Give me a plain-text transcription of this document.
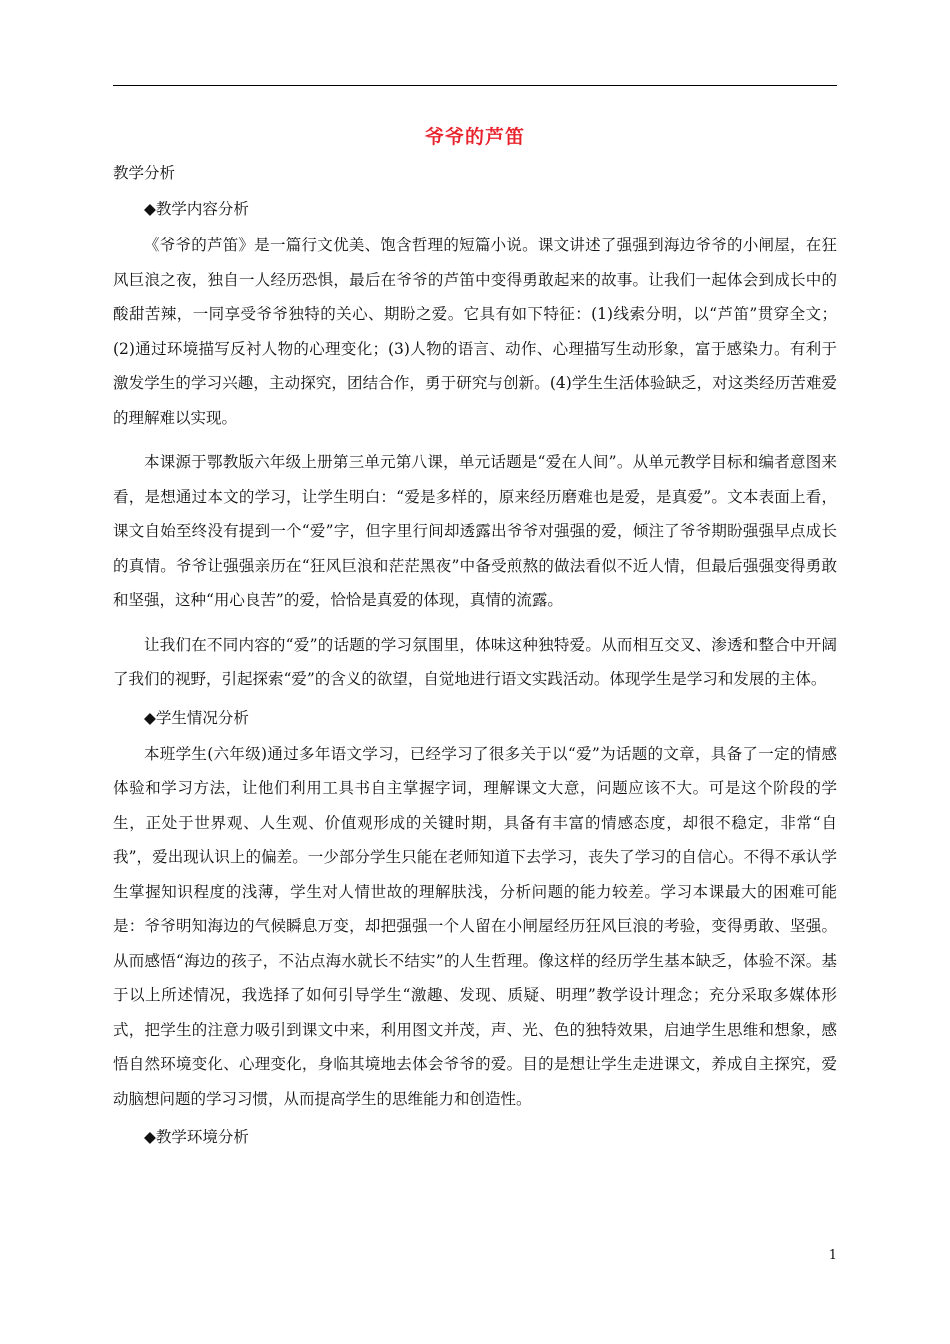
爷爷的芦笛

教学分析

◆教学内容分析

《爷爷的芦笛》是一篇行文优美、饱含哲理的短篇小说。课文讲述了强强到海边爷爷的小闸屋，在狂风巨浪之夜，独自一人经历恐惧，最后在爷爷的芦笛中变得勇敢起来的故事。让我们一起体会到成长中的酸甜苦辣，一同享受爷爷独特的关心、期盼之爱。它具有如下特征：(1)线索分明，以“芦笛”贯穿全文；(2)通过环境描写反衬人物的心理变化；(3)人物的语言、动作、心理描写生动形象，富于感染力。有利于激发学生的学习兴趣，主动探究，团结合作，勇于研究与创新。(4)学生生活体验缺乏，对这类经历苦难爱的理解难以实现。

本课源于鄂教版六年级上册第三单元第八课，单元话题是“爱在人间”。从单元教学目标和编者意图来看，是想通过本文的学习，让学生明白：“爱是多样的，原来经历磨难也是爱，是真爱”。文本表面上看，课文自始至终没有提到一个“爱”字，但字里行间却透露出爷爷对强强的爱，倾注了爷爷期盼强强早点成长的真情。爷爷让强强亲历在“狂风巨浪和茫茫黑夜”中备受煎熬的做法看似不近人情，但最后强强变得勇敢和坚强，这种“用心良苦”的爱，恰恰是真爱的体现，真情的流露。

让我们在不同内容的“爱”的话题的学习氛围里，体味这种独特爱。从而相互交叉、渗透和整合中开阔了我们的视野，引起探索“爱”的含义的欲望，自觉地进行语文实践活动。体现学生是学习和发展的主体。

◆学生情况分析

本班学生(六年级)通过多年语文学习，已经学习了很多关于以“爱”为话题的文章，具备了一定的情感体验和学习方法，让他们利用工具书自主掌握字词，理解课文大意，问题应该不大。可是这个阶段的学生，正处于世界观、人生观、价值观形成的关键时期，具备有丰富的情感态度，却很不稳定，非常“自我”，爱出现认识上的偏差。一少部分学生只能在老师知道下去学习，丧失了学习的自信心。不得不承认学生掌握知识程度的浅薄，学生对人情世故的理解肤浅，分析问题的能力较差。学习本课最大的困难可能是：爷爷明知海边的气候瞬息万变，却把强强一个人留在小闸屋经历狂风巨浪的考验，变得勇敢、坚强。从而感悟“海边的孩子，不沾点海水就长不结实”的人生哲理。像这样的经历学生基本缺乏，体验不深。基于以上所述情况，我选择了如何引导学生“激趣、发现、质疑、明理”教学设计理念；充分采取多媒体形式，把学生的注意力吸引到课文中来，利用图文并茂，声、光、色的独特效果，启迪学生思维和想象，感悟自然环境变化、心理变化，身临其境地去体会爷爷的爱。目的是想让学生走进课文，养成自主探究，爱动脑想问题的学习习惯，从而提高学生的思维能力和创造性。

◆教学环境分析

1
